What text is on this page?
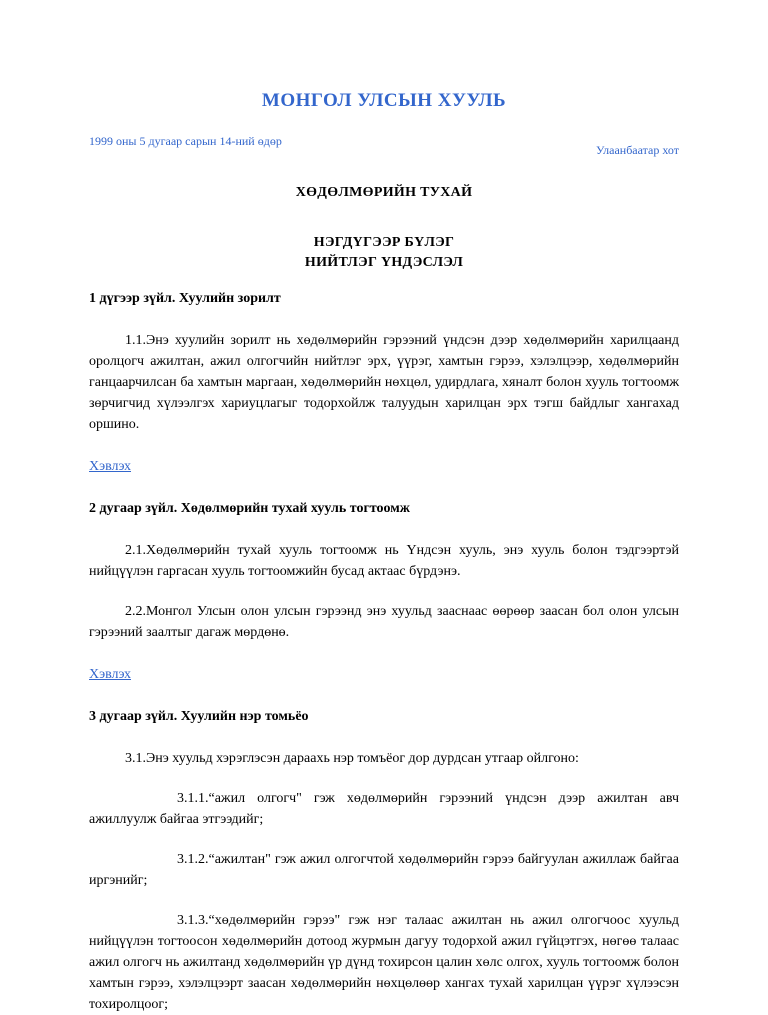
МОНГОЛ УЛСЫН ХУУЛЬ
1999 оны 5 дугаар сарын 14-ний өдөр
Улаанбаатар хот
ХӨДӨЛМӨРИЙН ТУХАЙ
НЭГДҮГЭЭР БҮЛЭГ
НИЙТЛЭГ ҮНДЭСЛЭЛ

1 дүгээр зүйл. Хуулийн зорилт

1.1.Энэ хуулийн зорилт нь хөдөлмөрийн гэрээний үндсэн дээр хөдөлмөрийн харилцаанд оролцогч ажилтан, ажил олгогчийн нийтлэг эрх, үүрэг, хамтын гэрээ, хэлэлцээр, хөдөлмөрийн ганцаарчилсан ба хамтын маргаан, хөдөлмөрийн нөхцөл, удирдлага, хяналт болон хууль тогтоомж зөрчигчид хүлээлгэх хариуцлагыг тодорхойлж талуудын харилцан эрх тэгш байдлыг хангахад оршино.

Хэвлэх

2 дугаар зүйл. Хөдөлмөрийн тухай хууль тогтоомж

2.1.Хөдөлмөрийн тухай хууль тогтоомж нь Үндсэн хууль, энэ хууль болон тэдгээртэй нийцүүлэн гаргасан хууль тогтоомжийн бусад актаас бүрдэнэ.

2.2.Монгол Улсын олон улсын гэрээнд энэ хуульд зааснаас өөрөөр заасан бол олон улсын гэрээний заалтыг дагаж мөрдөнө.

Хэвлэх

3 дугаар зүйл. Хуулийн нэр томьёо

3.1.Энэ хуульд хэрэглэсэн дараахь нэр томъёог дор дурдсан утгаар ойлгоно:

3.1.1.“ажил олгогч" гэж хөдөлмөрийн гэрээний үндсэн дээр ажилтан авч ажиллуулж байгаа этгээдийг;

3.1.2.“ажилтан" гэж ажил олгогчтой хөдөлмөрийн гэрээ байгуулан ажиллаж байгаа иргэнийг;

3.1.3.“хөдөлмөрийн гэрээ" гэж нэг талаас ажилтан нь ажил олгогчоос хуульд нийцүүлэн тогтоосон хөдөлмөрийн дотоод журмын дагуу тодорхой ажил гүйцэтгэх, нөгөө талаас ажил олгогч нь ажилтанд хөдөлмөрийн үр дүнд тохирсон цалин хөлс олгох, хууль тогтоомж болон хамтын гэрээ, хэлэлцээрт заасан хөдөлмөрийн нөхцөлөөр хангах тухай харилцан үүрэг хүлээсэн тохиролцоог;
